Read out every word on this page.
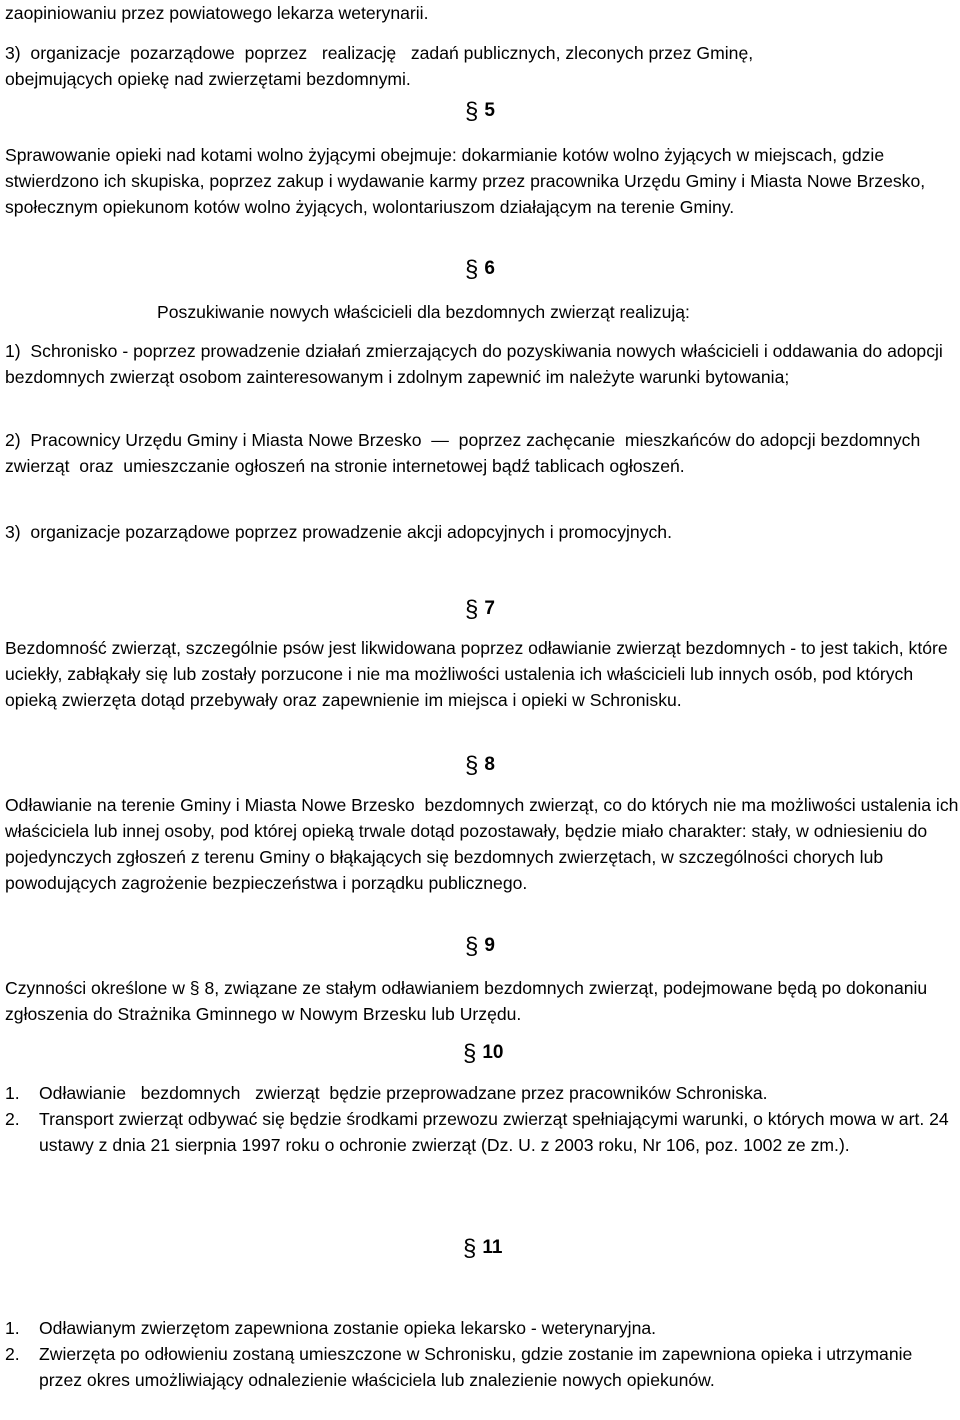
zaopiniowaniu przez powiatowego lekarza weterynarii.
3)  organizacje  pozarządowe  poprzez   realizację   zadań publicznych, zleconych przez Gminę,
obejmujących opiekę nad zwierzętami bezdomnymi.
§ 5
Sprawowanie opieki nad kotami wolno żyjącymi obejmuje: dokarmianie kotów wolno żyjących w miejscach, gdzie stwierdzono ich skupiska, poprzez zakup i wydawanie karmy przez pracownika Urzędu Gminy i Miasta Nowe Brzesko, społecznym opiekunom kotów wolno żyjących, wolontariuszom działającym na terenie Gminy.
§ 6
Poszukiwanie nowych właścicieli dla bezdomnych zwierząt realizują:
1)  Schronisko - poprzez prowadzenie działań zmierzających do pozyskiwania nowych właścicieli i oddawania do adopcji bezdomnych zwierząt osobom zainteresowanym i zdolnym zapewnić im należyte warunki bytowania;
2)  Pracownicy Urzędu Gminy i Miasta Nowe Brzesko  —  poprzez zachęcanie  mieszkańców do adopcji bezdomnych zwierząt  oraz  umieszczanie ogłoszeń na stronie internetowej bądź tablicach ogłoszeń.
3)  organizacje pozarządowe poprzez prowadzenie akcji adopcyjnych i promocyjnych.
§ 7
Bezdomność zwierząt, szczególnie psów jest likwidowana poprzez odławianie zwierząt bezdomnych - to jest takich, które uciekły, zabłąkały się lub zostały porzucone i nie ma możliwości ustalenia ich właścicieli lub innych osób, pod których opieką zwierzęta dotąd przebywały oraz zapewnienie im miejsca i opieki w Schronisku.
§ 8
Odławianie na terenie Gminy i Miasta Nowe Brzesko  bezdomnych zwierząt, co do których nie ma możliwości ustalenia ich właściciela lub innej osoby, pod której opieką trwale dotąd pozostawały, będzie miało charakter: stały, w odniesieniu do pojedynczych zgłoszeń z terenu Gminy o błąkających się bezdomnych zwierzętach, w szczególności chorych lub powodujących zagrożenie bezpieczeństwa i porządku publicznego.
§ 9
Czynności określone w § 8, związane ze stałym odławianiem bezdomnych zwierząt, podejmowane będą po dokonaniu zgłoszenia do Strażnika Gminnego w Nowym Brzesku lub Urzędu.
§ 10
1. Odławianie   bezdomnych   zwierząt  będzie przeprowadzane przez pracowników Schroniska.
2. Transport zwierząt odbywać się będzie środkami przewozu zwierząt spełniającymi warunki, o których mowa w art. 24 ustawy z dnia 21 sierpnia 1997 roku o ochronie zwierząt (Dz. U. z 2003 roku, Nr 106, poz. 1002 ze zm.).
§ 11
1. Odławianym zwierzętom zapewniona zostanie opieka lekarsko - weterynaryjna.
2. Zwierzęta po odłowieniu zostaną umieszczone w Schronisku, gdzie zostanie im zapewniona opieka i utrzymanie przez okres umożliwiający odnalezienie właściciela lub znalezienie nowych opiekunów.
